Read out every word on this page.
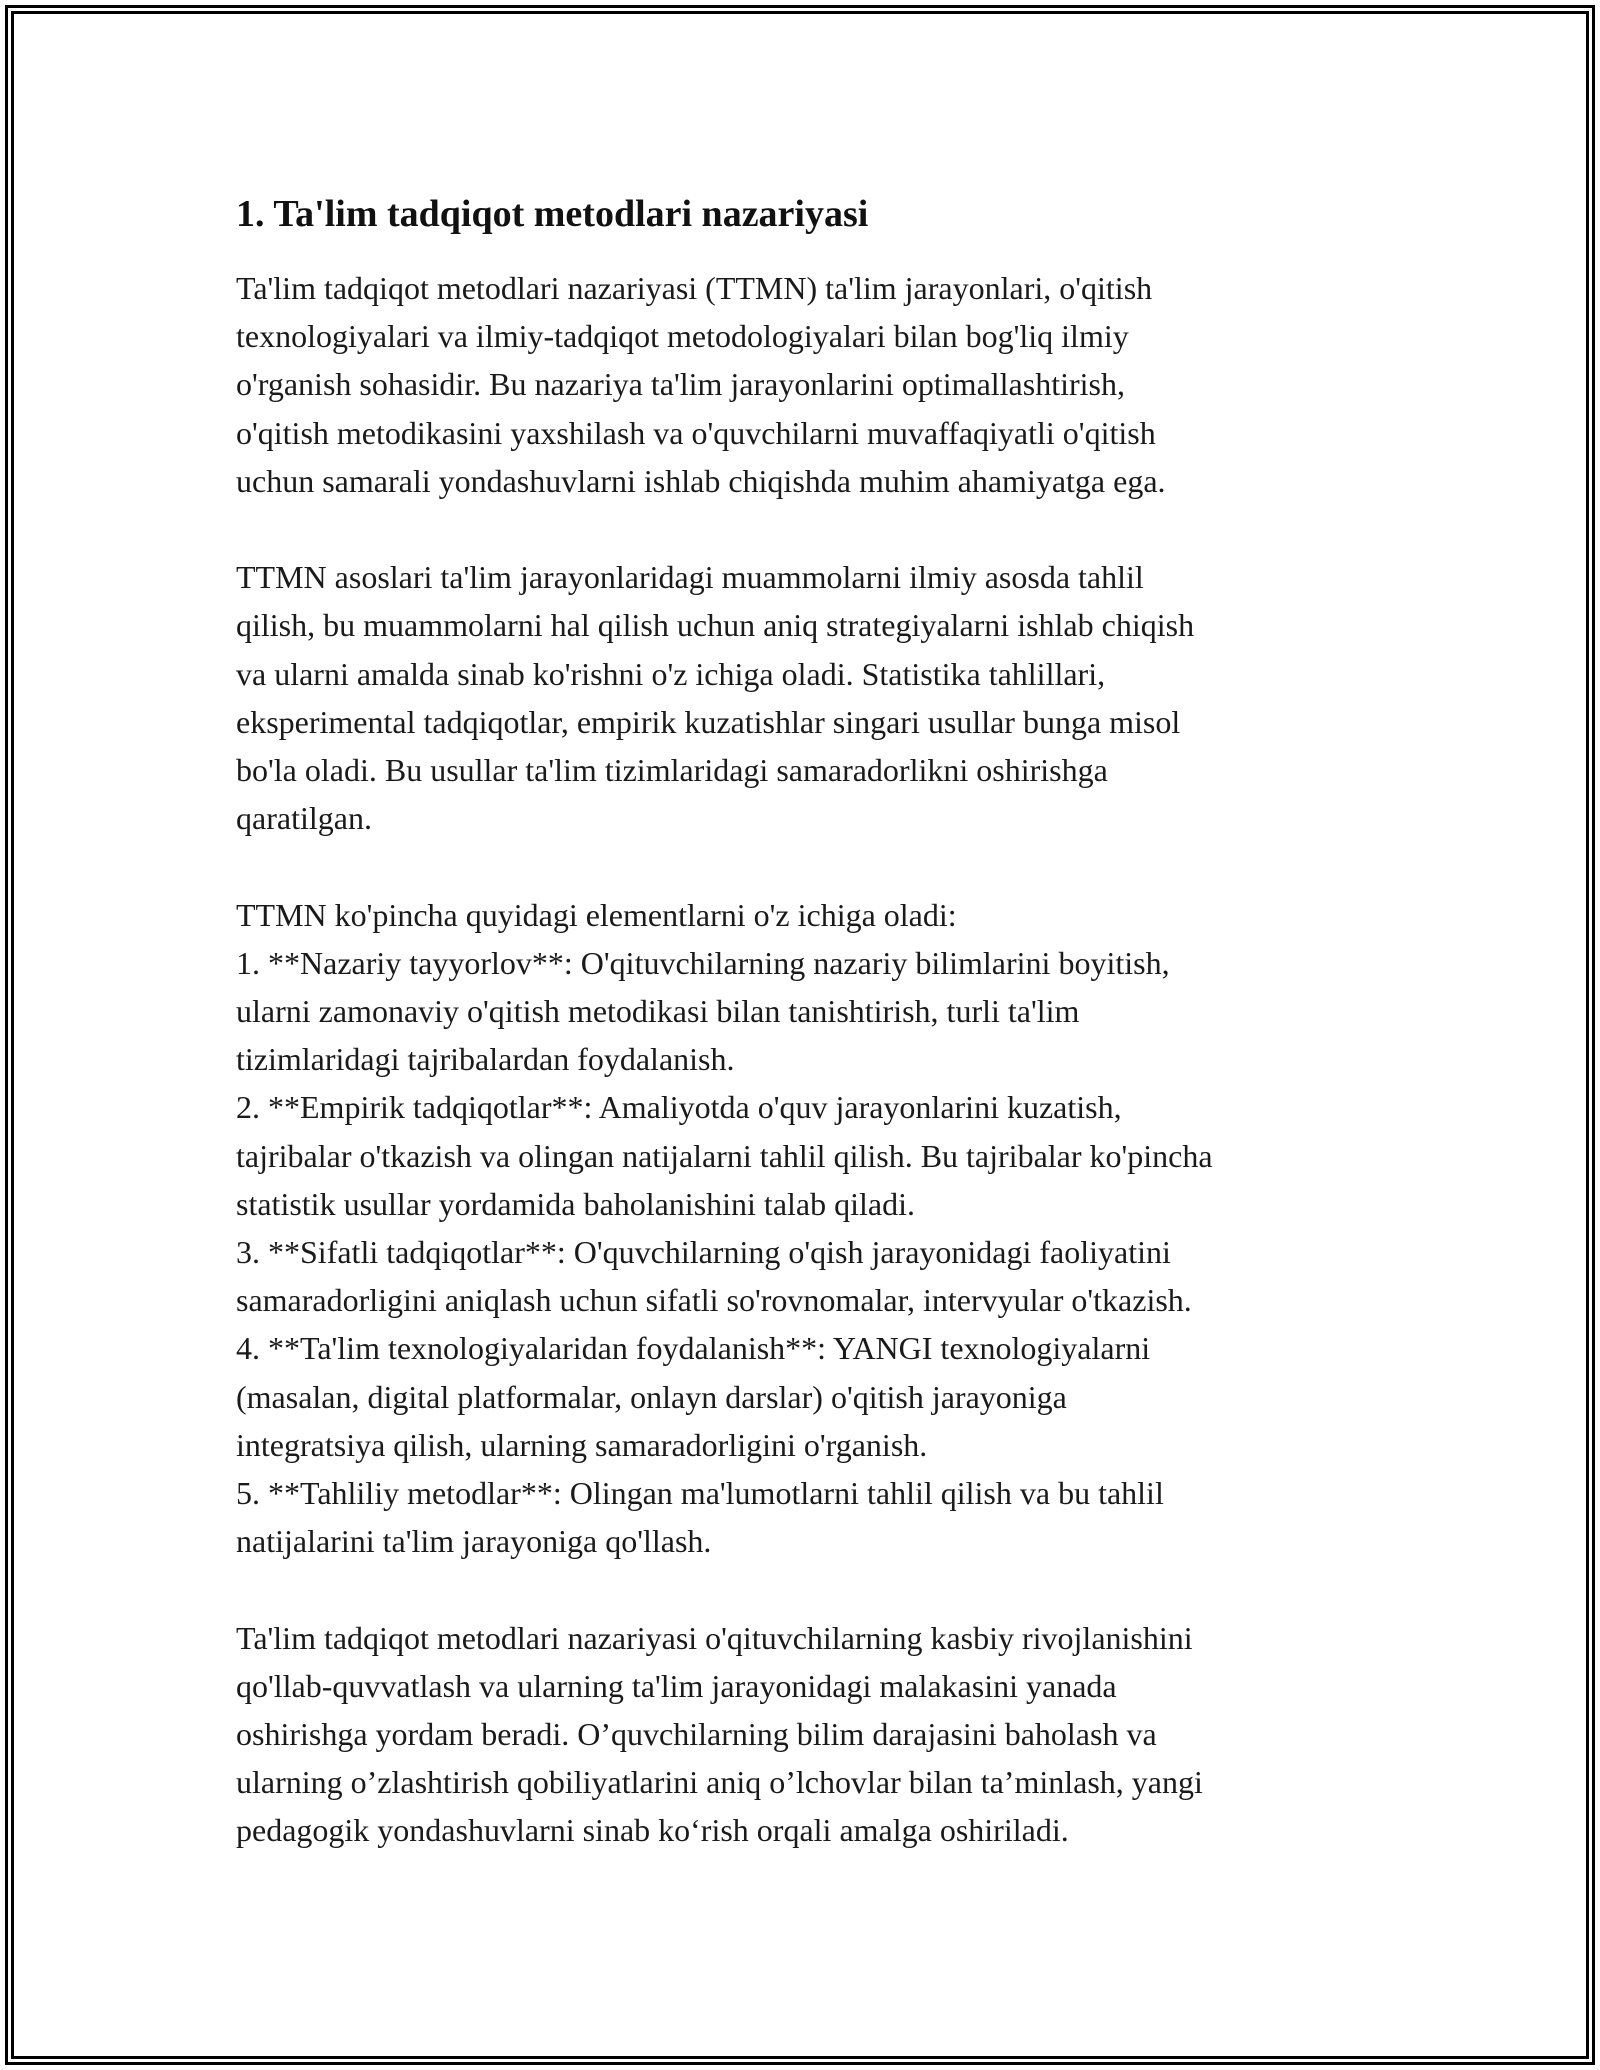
1. Ta'lim tadqiqot metodlari nazariyasi

Ta'lim tadqiqot metodlari nazariyasi (TTMN) ta'lim jarayonlari, o'qitish
texnologiyalari va ilmiy-tadqiqot metodologiyalari bilan bog'liq ilmiy
o'rganish sohasidir. Bu nazariya ta'lim jarayonlarini optimallashtirish,
o'qitish metodikasini yaxshilash va o'quvchilarni muvaffaqiyatli o'qitish
uchun samarali yondashuvlarni ishlab chiqishda muhim ahamiyatga ega.

TTMN asoslari ta'lim jarayonlaridagi muammolarni ilmiy asosda tahlil
qilish, bu muammolarni hal qilish uchun aniq strategiyalarni ishlab chiqish
va ularni amalda sinab ko'rishni o'z ichiga oladi. Statistika tahlillari,
eksperimental tadqiqotlar, empirik kuzatishlar singari usullar bunga misol
bo'la oladi. Bu usullar ta'lim tizimlaridagi samaradorlikni oshirishga
qaratilgan.

TTMN ko'pincha quyidagi elementlarni o'z ichiga oladi:
1. **Nazariy tayyorlov**: O'qituvchilarning nazariy bilimlarini boyitish,
ularni zamonaviy o'qitish metodikasi bilan tanishtirish, turli ta'lim
tizimlaridagi tajribalardan foydalanish.
2. **Empirik tadqiqotlar**: Amaliyotda o'quv jarayonlarini kuzatish,
tajribalar o'tkazish va olingan natijalarni tahlil qilish. Bu tajribalar ko'pincha
statistik usullar yordamida baholanishini talab qiladi.
3. **Sifatli tadqiqotlar**: O'quvchilarning o'qish jarayonidagi faoliyatini
samaradorligini aniqlash uchun sifatli so'rovnomalar, intervyular o'tkazish.
4. **Ta'lim texnologiyalaridan foydalanish**: YANGI texnologiyalarni
(masalan, digital platformalar, onlayn darslar) o'qitish jarayoniga
integratsiya qilish, ularning samaradorligini o'rganish.
5. **Tahliliy metodlar**: Olingan ma'lumotlarni tahlil qilish va bu tahlil
natijalarini ta'lim jarayoniga qo'llash.

Ta'lim tadqiqot metodlari nazariyasi o'qituvchilarning kasbiy rivojlanishini
qo'llab-quvvatlash va ularning ta'lim jarayonidagi malakasini yanada
oshirishga yordam beradi. O’quvchilarning bilim darajasini baholash va
ularning o’zlashtirish qobiliyatlarini aniq o’lchovlar bilan ta’minlash, yangi
pedagogik yondashuvlarni sinab ko‘rish orqali amalga oshiriladi.
